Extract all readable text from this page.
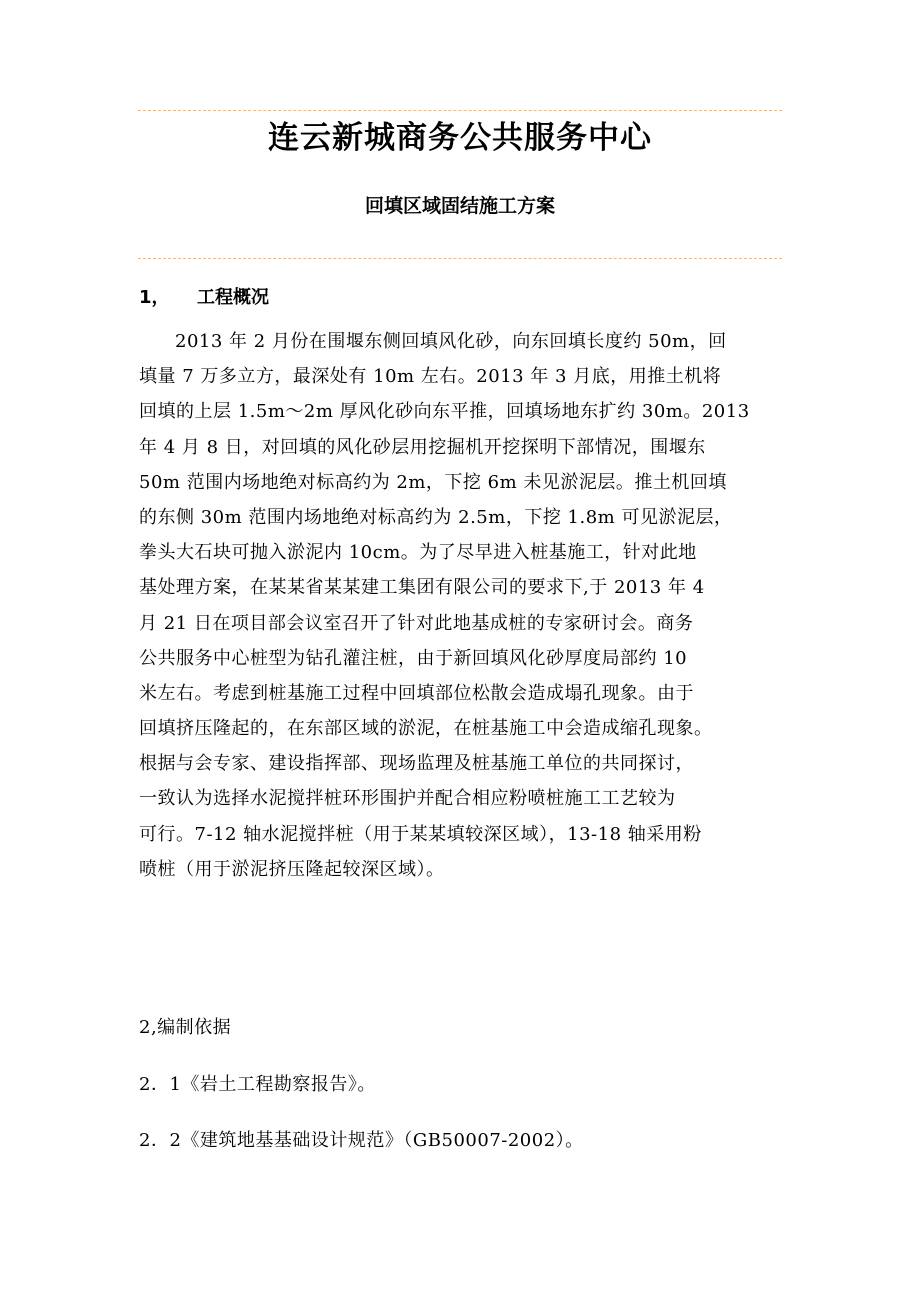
连云新城商务公共服务中心
回填区域固结施工方案
1， 工程概况
2013 年 2 月份在围堰东侧回填风化砂，向东回填长度约 50m，回
填量 7 万多立方，最深处有 10m 左右。2013 年 3 月底，用推土机将
回填的上层 1.5m～2m 厚风化砂向东平推，回填场地东扩约 30m。2013
年 4 月 8 日，对回填的风化砂层用挖掘机开挖探明下部情况，围堰东
50m 范围内场地绝对标高约为 2m，下挖 6m 未见淤泥层。推土机回填
的东侧 30m 范围内场地绝对标高约为 2.5m，下挖 1.8m 可见淤泥层，
拳头大石块可抛入淤泥内 10cm。为了尽早进入桩基施工，针对此地
基处理方案，在某某省某某建工集团有限公司的要求下,于 2013 年 4
月 21 日在项目部会议室召开了针对此地基成桩的专家研讨会。商务
公共服务中心桩型为钻孔灌注桩，由于新回填风化砂厚度局部约 10
米左右。考虑到桩基施工过程中回填部位松散会造成塌孔现象。由于
回填挤压隆起的，在东部区域的淤泥，在桩基施工中会造成缩孔现象。
根据与会专家、建设指挥部、现场监理及桩基施工单位的共同探讨，
一致认为选择水泥搅拌桩环形围护并配合相应粉喷桩施工工艺较为
可行。7-12 轴水泥搅拌桩（用于某某填较深区域），13-18 轴采用粉
喷桩（用于淤泥挤压隆起较深区域）。
2,编制依据
2．1《岩土工程勘察报告》。
2．2《建筑地基基础设计规范》（GB50007-2002）。
